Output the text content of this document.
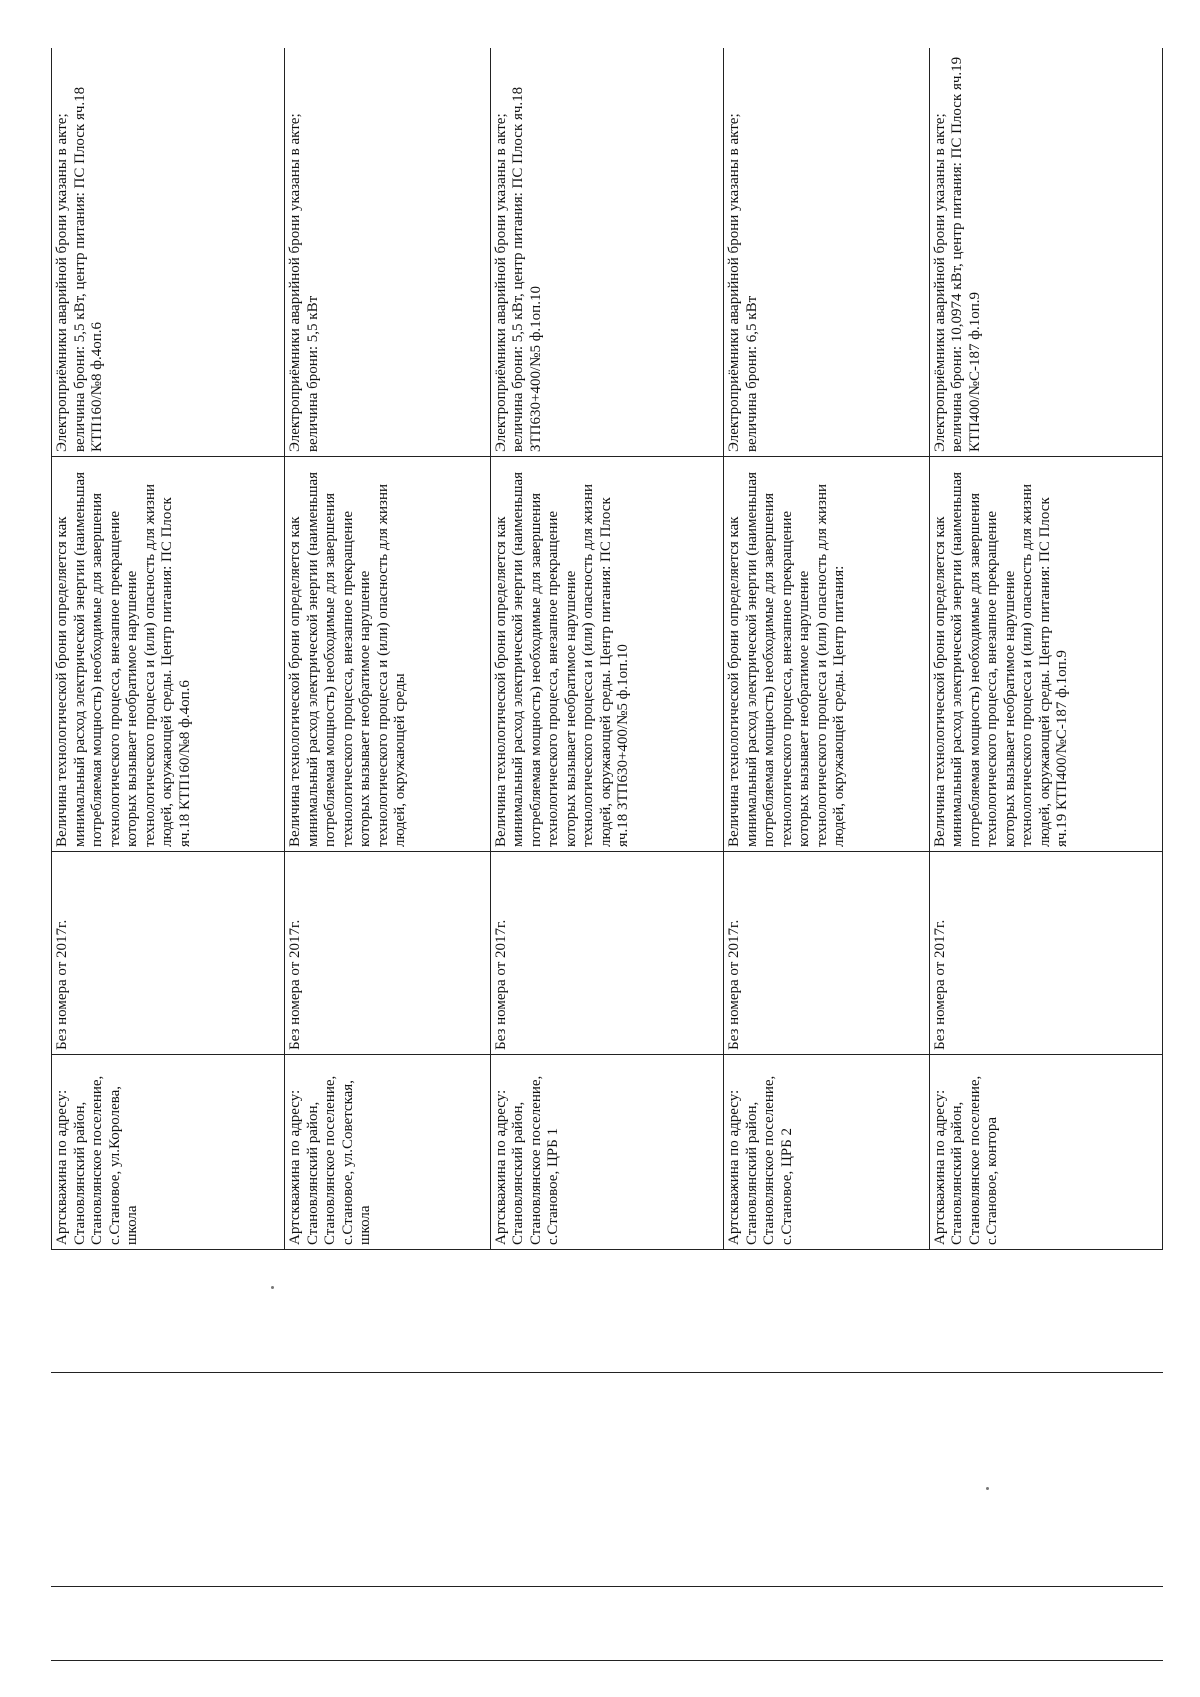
Артскважина по адресу: Становлянский район, Становлянское поселение, с.Становое, ул.Королева, школа	Без номера от 2017г.	Величина технологической брони определяется как минимальный расход электрической энергии (наименьшая потребляемая мощность) необходимые для завершения технологического процесса, внезапное прекращение которых вызывает необратимое нарушение технологического процесса и (или) опасность для жизни людей, окружающей среды. Центр питания: ПС Плоск яч.18 КТП160/№8 ф.4оп.6	Электроприёмники аварийной брони указаны в акте; величина брони: 5,5 кВт, центр питания: ПС Плоск яч.18 КТП160/№8 ф.4оп.6
Артскважина по адресу: Становлянский район, Становлянское поселение, с.Становое, ул.Советская, школа	Без номера от 2017г.	Величина технологической брони определяется как минимальный расход электрической энергии (наименьшая потребляемая мощность) необходимые для завершения технологического процесса, внезапное прекращение которых вызывает необратимое нарушение технологического процесса и (или) опасность для жизни людей, окружающей среды	Электроприёмники аварийной брони указаны в акте; величина брони: 5,5 кВт
Артскважина по адресу: Становлянский район, Становлянское поселение, с.Становое, ЦРБ 1	Без номера от 2017г.	Величина технологической брони определяется как минимальный расход электрической энергии (наименьшая потребляемая мощность) необходимые для завершения технологического процесса, внезапное прекращение которых вызывает необратимое нарушение технологического процесса и (или) опасность для жизни людей, окружающей среды. Центр питания: ПС Плоск яч.18 ЗТП630+400/№5 ф.1оп.10	Электроприёмники аварийной брони указаны в акте; величина брони: 5,5 кВт, центр питания: ПС Плоск яч.18 ЗТП630+400/№5 ф.1оп.10
Артскважина по адресу: Становлянский район, Становлянское поселение, с.Становое, ЦРБ 2	Без номера от 2017г.	Величина технологической брони определяется как минимальный расход электрической энергии (наименьшая потребляемая мощность) необходимые для завершения технологического процесса, внезапное прекращение которых вызывает необратимое нарушение технологического процесса и (или) опасность для жизни людей, окружающей среды. Центр питания:	Электроприёмники аварийной брони указаны в акте; величина брони: 6,5 кВт
Артскважина по адресу: Становлянский район, Становлянское поселение, с.Становое, контора	Без номера от 2017г.	Величина технологической брони определяется как минимальный расход электрической энергии (наименьшая потребляемая мощность) необходимые для завершения технологического процесса, внезапное прекращение которых вызывает необратимое нарушение технологического процесса и (или) опасность для жизни людей, окружающей среды. Центр питания: ПС Плоск яч.19 КТП400/№С-187 ф.1оп.9	Электроприёмники аварийной брони указаны в акте; величина брони: 10,0974 кВт, центр питания: ПС Плоск яч.19 КТП400/№С-187 ф.1оп.9
